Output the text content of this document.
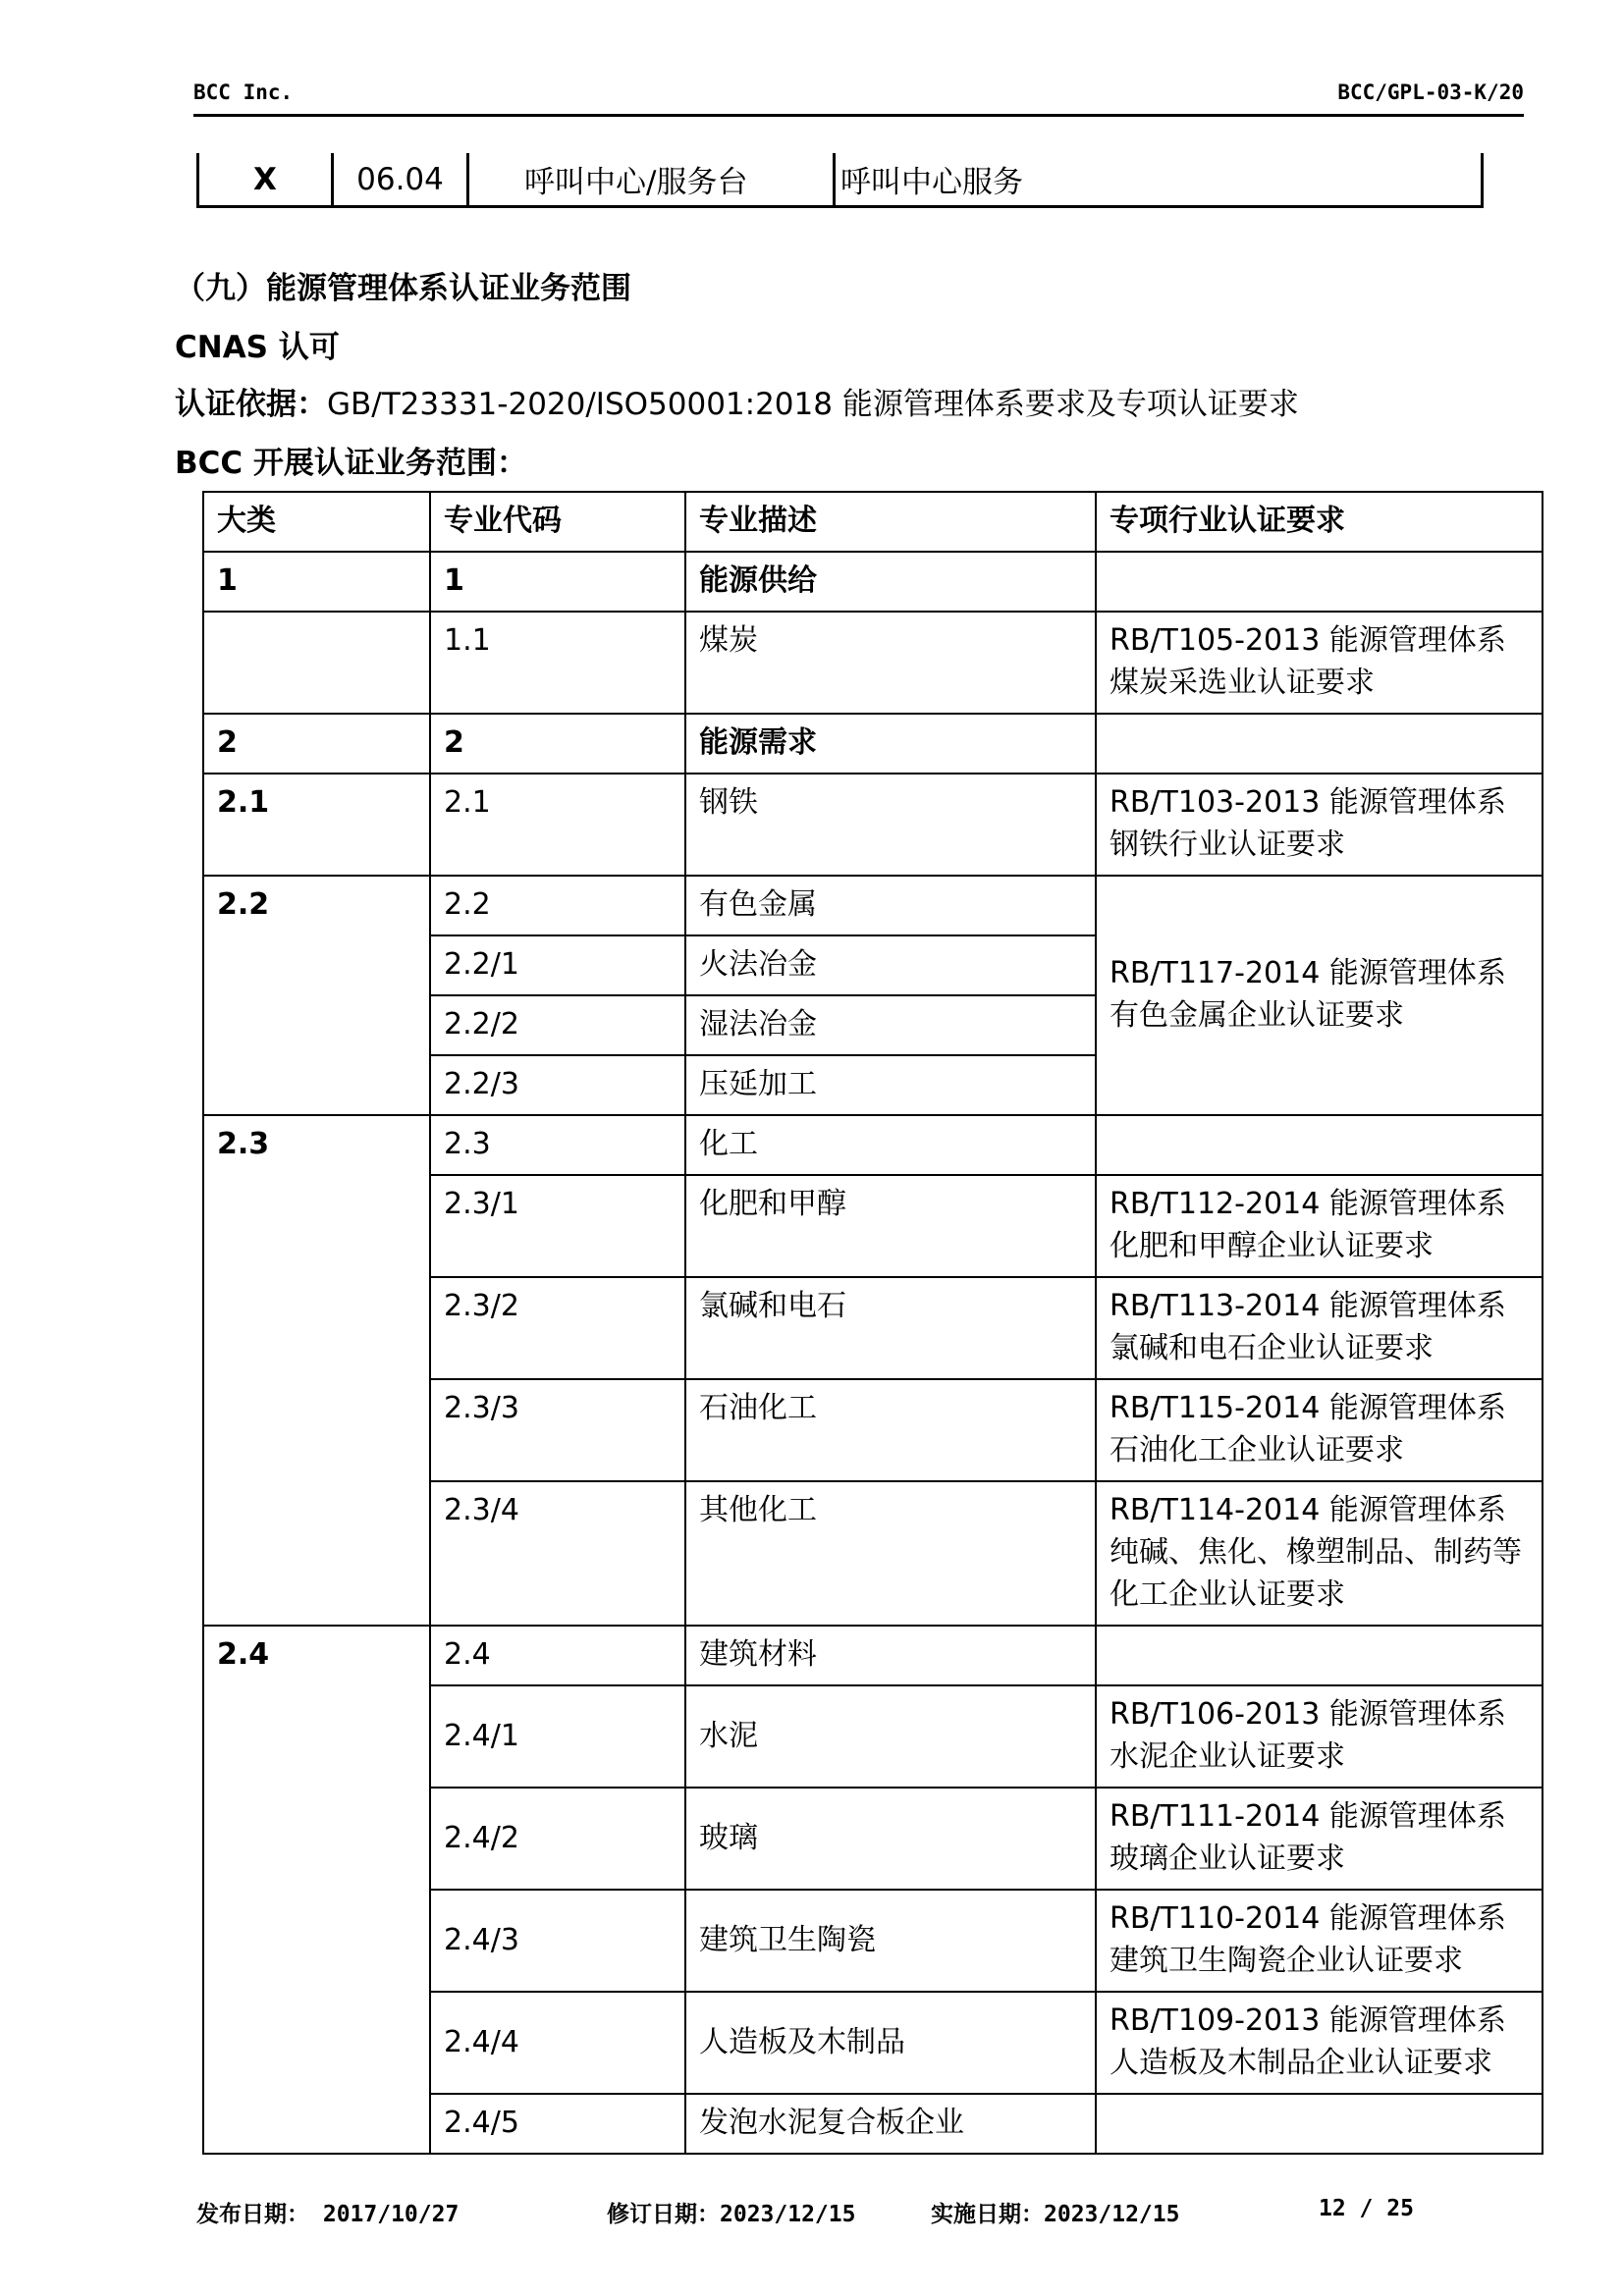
BCC Inc.	BCC/GPL-03-K/20
X	06.04	呼叫中心/服务台	呼叫中心服务
（九）能源管理体系认证业务范围
CNAS 认可
认证依据：GB/T23331-2020/ISO50001:2018 能源管理体系要求及专项认证要求
BCC 开展认证业务范围：
大类	专业代码	专业描述	专项行业认证要求
1	1	能源供给	
	1.1	煤炭	RB/T105-2013 能源管理体系煤炭采选业认证要求
2	2	能源需求	
2.1	2.1	钢铁	RB/T103-2013 能源管理体系钢铁行业认证要求
2.2	2.2	有色金属	RB/T117-2014 能源管理体系有色金属企业认证要求
	2.2/1	火法冶金	
	2.2/2	湿法冶金	
	2.2/3	压延加工	
2.3	2.3	化工	
	2.3/1	化肥和甲醇	RB/T112-2014 能源管理体系化肥和甲醇企业认证要求
	2.3/2	氯碱和电石	RB/T113-2014 能源管理体系氯碱和电石企业认证要求
	2.3/3	石油化工	RB/T115-2014 能源管理体系石油化工企业认证要求
	2.3/4	其他化工	RB/T114-2014 能源管理体系纯碱、焦化、橡塑制品、制药等化工企业认证要求
2.4	2.4	建筑材料	
	2.4/1	水泥	RB/T106-2013 能源管理体系水泥企业认证要求
	2.4/2	玻璃	RB/T111-2014 能源管理体系玻璃企业认证要求
	2.4/3	建筑卫生陶瓷	RB/T110-2014 能源管理体系建筑卫生陶瓷企业认证要求
	2.4/4	人造板及木制品	RB/T109-2013 能源管理体系人造板及木制品企业认证要求
	2.4/5	发泡水泥复合板企业	
发布日期： 2017/10/27	修订日期：2023/12/15	实施日期：2023/12/15	12 / 25
